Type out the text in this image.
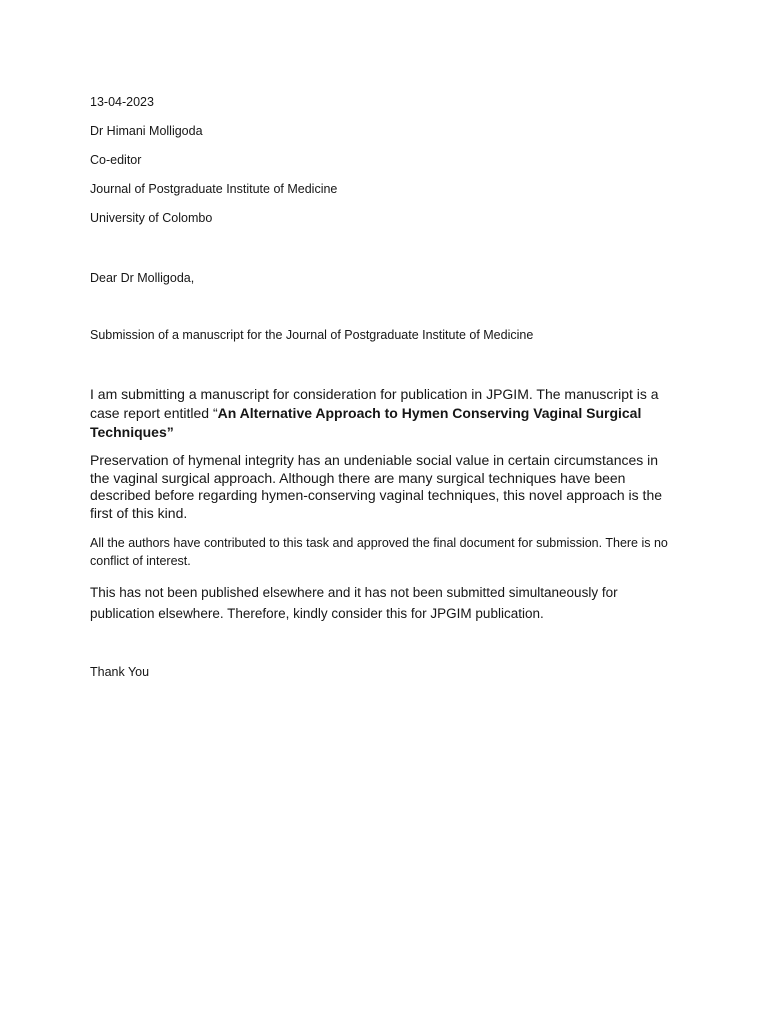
13-04-2023

Dr Himani Molligoda

Co-editor

Journal of Postgraduate Institute of Medicine

University of Colombo

Dear Dr Molligoda,

Submission of a manuscript for the Journal of Postgraduate Institute of Medicine

I am submitting a manuscript for consideration for publication in JPGIM. The manuscript is a case report entitled “An Alternative Approach to Hymen Conserving Vaginal Surgical Techniques”

Preservation of hymenal integrity has an undeniable social value in certain circumstances in the vaginal surgical approach. Although there are many surgical techniques have been described before regarding hymen-conserving vaginal techniques, this novel approach is the first of this kind.

All the authors have contributed to this task and approved the final document for submission. There is no conflict of interest.

This has not been published elsewhere and it has not been submitted simultaneously for publication elsewhere. Therefore, kindly consider this for JPGIM publication.

Thank You
